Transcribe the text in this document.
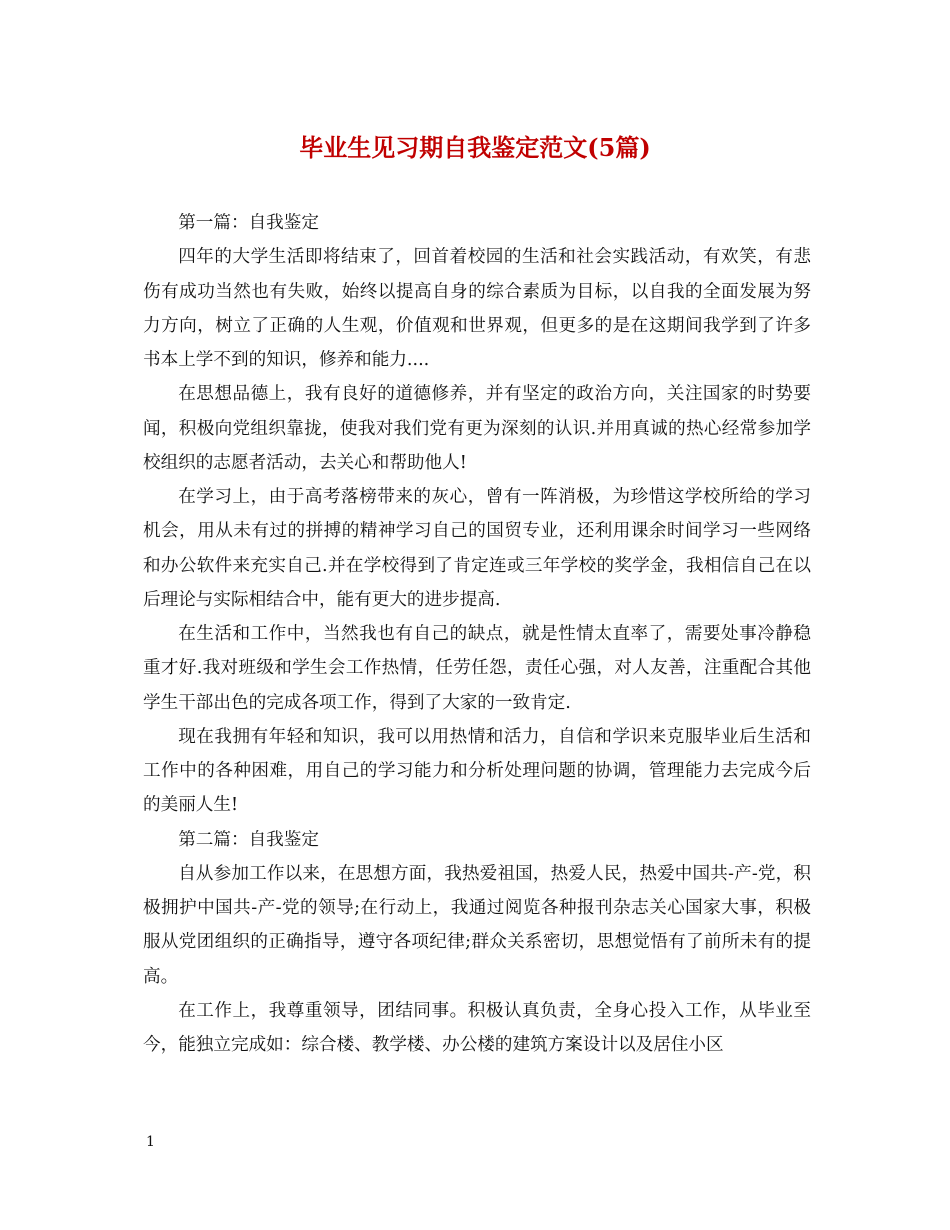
毕业生见习期自我鉴定范文(5篇)

第一篇：自我鉴定

四年的大学生活即将结束了，回首着校园的生活和社会实践活动，有欢笑，有悲伤有成功当然也有失败，始终以提高自身的综合素质为目标，以自我的全面发展为努力方向，树立了正确的人生观，价值观和世界观，但更多的是在这期间我学到了许多书本上学不到的知识，修养和能力....

在思想品德上，我有良好的道德修养，并有坚定的政治方向，关注国家的时势要闻，积极向党组织靠拢，使我对我们党有更为深刻的认识.并用真诚的热心经常参加学校组织的志愿者活动，去关心和帮助他人!

在学习上，由于高考落榜带来的灰心，曾有一阵消极，为珍惜这学校所给的学习机会，用从未有过的拼搏的精神学习自己的国贸专业，还利用课余时间学习一些网络和办公软件来充实自己.并在学校得到了肯定连或三年学校的奖学金，我相信自己在以后理论与实际相结合中，能有更大的进步提高.

在生活和工作中，当然我也有自己的缺点，就是性情太直率了，需要处事冷静稳重才好.我对班级和学生会工作热情，任劳任怨，责任心强，对人友善，注重配合其他学生干部出色的完成各项工作，得到了大家的一致肯定.

现在我拥有年轻和知识，我可以用热情和活力，自信和学识来克服毕业后生活和工作中的各种困难，用自己的学习能力和分析处理问题的协调，管理能力去完成今后的美丽人生!

第二篇：自我鉴定

自从参加工作以来，在思想方面，我热爱祖国，热爱人民，热爱中国共-产-党，积极拥护中国共-产-党的领导;在行动上，我通过阅览各种报刊杂志关心国家大事，积极服从党团组织的正确指导，遵守各项纪律;群众关系密切，思想觉悟有了前所未有的提高。

在工作上，我尊重领导，团结同事。积极认真负责，全身心投入工作，从毕业至今，能独立完成如：综合楼、教学楼、办公楼的建筑方案设计以及居住小区

1
